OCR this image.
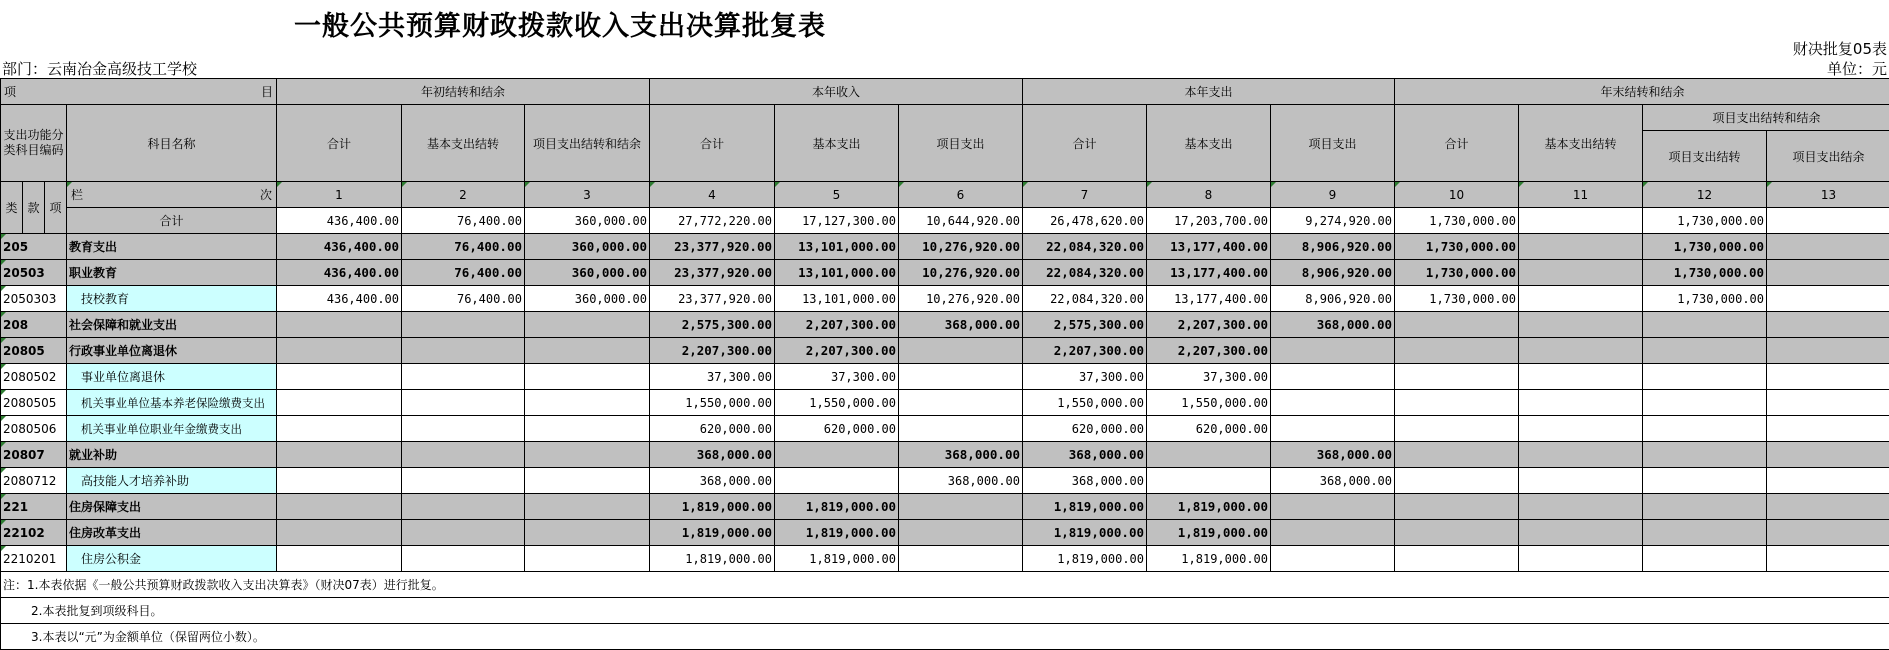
一般公共预算财政拨款收入支出决算批复表
财决批复05表
部门：云南冶金高级技工学校	单位：元
项 目				年初结转和结余			本年收入			本年支出			年末结转和结余			
支出功能分类科目编码			科目名称	合计	基本支出结转	项目支出结转和结余	合计	基本支出	项目支出	合计	基本支出	项目支出	合计	基本支出结转	项目支出结转和结余	
															项目支出结转	项目支出结余
类	款	项	栏 次	1	2	3	4	5	6	7	8	9	10	11	12	13
			合计	436,400.00	76,400.00	360,000.00	27,772,220.00	17,127,300.00	10,644,920.00	26,478,620.00	17,203,700.00	9,274,920.00	1,730,000.00		1,730,000.00	
205			教育支出	436,400.00	76,400.00	360,000.00	23,377,920.00	13,101,000.00	10,276,920.00	22,084,320.00	13,177,400.00	8,906,920.00	1,730,000.00		1,730,000.00	
20503			职业教育	436,400.00	76,400.00	360,000.00	23,377,920.00	13,101,000.00	10,276,920.00	22,084,320.00	13,177,400.00	8,906,920.00	1,730,000.00		1,730,000.00	
2050303			技校教育	436,400.00	76,400.00	360,000.00	23,377,920.00	13,101,000.00	10,276,920.00	22,084,320.00	13,177,400.00	8,906,920.00	1,730,000.00		1,730,000.00	
208			社会保障和就业支出				2,575,300.00	2,207,300.00	368,000.00	2,575,300.00	2,207,300.00	368,000.00				
20805			行政事业单位离退休				2,207,300.00	2,207,300.00		2,207,300.00	2,207,300.00					
2080502			事业单位离退休				37,300.00	37,300.00		37,300.00	37,300.00					
2080505			机关事业单位基本养老保险缴费支出				1,550,000.00	1,550,000.00		1,550,000.00	1,550,000.00					
2080506			机关事业单位职业年金缴费支出				620,000.00	620,000.00		620,000.00	620,000.00					
20807			就业补助				368,000.00		368,000.00	368,000.00		368,000.00				
2080712			高技能人才培养补助				368,000.00		368,000.00	368,000.00		368,000.00				
221			住房保障支出				1,819,000.00	1,819,000.00		1,819,000.00	1,819,000.00					
22102			住房改革支出				1,819,000.00	1,819,000.00		1,819,000.00	1,819,000.00					
2210201			住房公积金				1,819,000.00	1,819,000.00		1,819,000.00	1,819,000.00					
注：1.本表依据《一般公共预算财政拨款收入支出决算表》（财决07表）进行批复。																
2.本表批复到项级科目。																
3.本表以“元”为金额单位（保留两位小数）。																
